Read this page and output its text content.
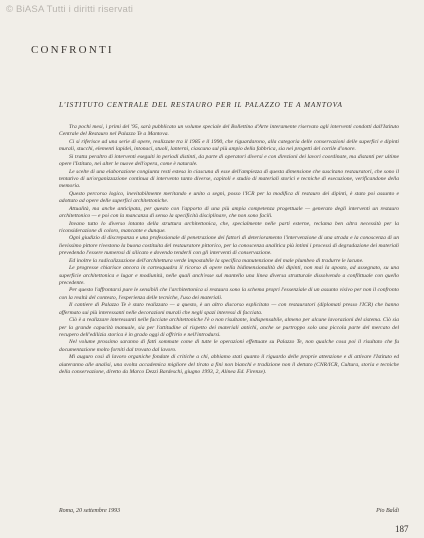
© BiASA Tutti i diritti riservati
CONFRONTI
L'ISTITUTO CENTRALE DEL RESTAURO PER IL PALAZZO TE A MANTOVA

Tra pochi mesi, i primi del '95, sarà pubblicato un volume speciale del Bollettino d'Arte interamente riservato agli interventi condotti dall'Istituto Centrale del Restauro nel Palazzo Te a Mantova.

Ci si riferisce ad una serie di opere, realizzate tra il 1985 e il 1990, che riguardarono, alla categoria delle conservazioni delle superfici e dipinti murali, stucchi, elementi lapidei, intonaci, stuoli, lanterni, ciascuno sul più ampio della fabbrica, sia nei progetti del cortile d'onore.

Si tratta peraltro di interventi eseguiti in periodi distinti, da parte di operatori diversi e con direzioni dei lavori coordinate, ma distanti per ultime opere l'Istituto, nei alter le nuove dell'opera, come è naturale.

Le scelte di una elaborazione congiunta resti estesa in ciascuna di esse dell'ampiezza di questa dimensione che suscitano restauratori, che sono il tentativo di un'organizzazione continua di intervento tanto diverse, capitoli e studio di materiali storici e tecniche di esecuzione, verificandone della memoria.

Questo percorso logico, inevitabilmente meritando e unito a segni, posso l'ICR per la modifica di restauro dei dipinti, è stato poi assunto e adottato ad opere delle superfici architettoniche.

Attualità, ma anche anticipata, per questo con l'apporto di una più ampia competenza progettuale — generato degli interventi un restauro architettonico — e poi con la mancanza di senso la specificità disciplinare, che non sono facili.

Invano tutto lo diverso intanto della struttura architettonica, che, specialmente nelle parti esterne, reclama ben altra necessità per la riconsiderazione di coloro, mancante e dunque.

Ogni giudizio di discrepanza e una professionale di penetrazione dei fattori di deterioramento l'intervenzione di una strada e la conoscenza di un lievissimo pittore rivestono la buona costituita del restauratore pittorico, per la conoscenza analitica più intimi i processi di degradazione dei materiali prevedendo l'essere numerosi di silicato e dovendo tenderli con gli interventi di conservazione.

Ed inoltre la radicalizzazione dell'architettura verde impostabile la specifica manutenzione del male plumbeo di tradurre le lacune.

Le progresse chiarisce ancora in cartesquadra il ricorso di opere nella bidimensionalità dei dipinti, non mai la aposto, ad assegnato, su una superficie architettonica e lugar e modiunità, nelle quali anch'esse sul mantello una linea diversa strutturale dissolvendo a conflittuale con quello precedente.

Per questo l'affrontarsi pure le sensibili che l'architettonica si restaura sono la schema propri l'essenziale di un assunto visivo per non il confronto con la realtà del contesto, l'esperienza delle tecniche, l'uso dei materiali.

Il cantiere di Palazzo Te è stato realizzato — a questo, è un altro discorso esplicitato — con restauratori (diplomati presso l'ICR) che hanno affermato sui più interessanti nelle decorazioni murali che negli spazi interessi di facciata.

Ciò è a realizzare interessanti nelle facciate architettoniche l'è o non risultante, indispensabile, almeno per alcune lavorazioni del sistema. Ciò sia per la grande capacità manuale, sia per l'attitudine al rispetto dei materiali antichi, anche se purtroppo solo una piccola parte del mercato del recupero dell'edilizia storica è in grado oggi di offrirlo e nell'introdursi.

Nel volume prossimo saranno di fatti sommate come di tutte le operazioni effettuate su Palazzo Te, non qualche cosa poi il risultato che fu documentazione molto forniti dal trovato dal lavoro.

Mi auguro così di lavoro organiche fondate di critiche a chi, abbiamo stati quanto il riguardo delle proprie attenzione e di attivare l'Istituto ed aiuteranno alle analisi, una svolta accademica migliore del tirato a fini non bianchi e tradizione non il dettato (CNR/ICR, Cultura, storia e tecniche della conservazione, diretto da Marco Dezzi Bardeschi, giugno 1993, 2, Alinea Ed. Firenze).

Roma, 20 settembre 1993	Pio Baldi
187
